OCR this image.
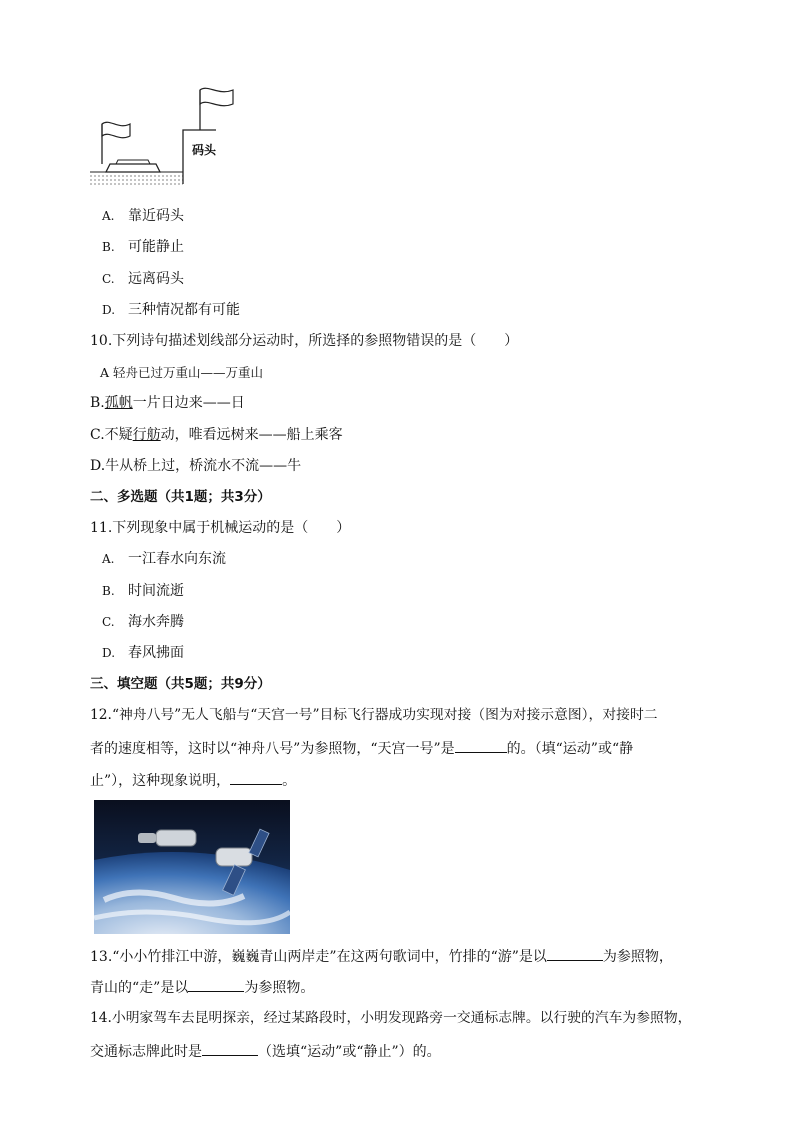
码头
A. 靠近码头
B. 可能静止
C. 远离码头
D. 三种情况都有可能
10.下列诗句描述划线部分运动时，所选择的参照物错误的是（　　）
A 轻舟已过万重山——万重山
B.孤帆一片日边来——日
C.不疑行舫动，唯看远树来——船上乘客
D.牛从桥上过，桥流水不流——牛
二、多选题（共1题；共3分）
11.下列现象中属于机械运动的是（　　）
A. 一江春水向东流
B. 时间流逝
C. 海水奔腾
D. 春风拂面
三、填空题（共5题；共9分）
12.“神舟八号”无人飞船与“天宫一号”目标飞行器成功实现对接（图为对接示意图），对接时二
者的速度相等，这时以“神舟八号”为参照物，“天宫一号”是	的。（填“运动”或“静
止”），这种现象说明，	。
13.“小小竹排江中游，巍巍青山两岸走”在这两句歌词中，竹排的“游”是以	为参照物，
青山的“走”是以	为参照物。
14.小明家驾车去昆明探亲，经过某路段时，小明发现路旁一交通标志牌。以行驶的汽车为参照物，
交通标志牌此时是	（选填“运动”或“静止”）的。
